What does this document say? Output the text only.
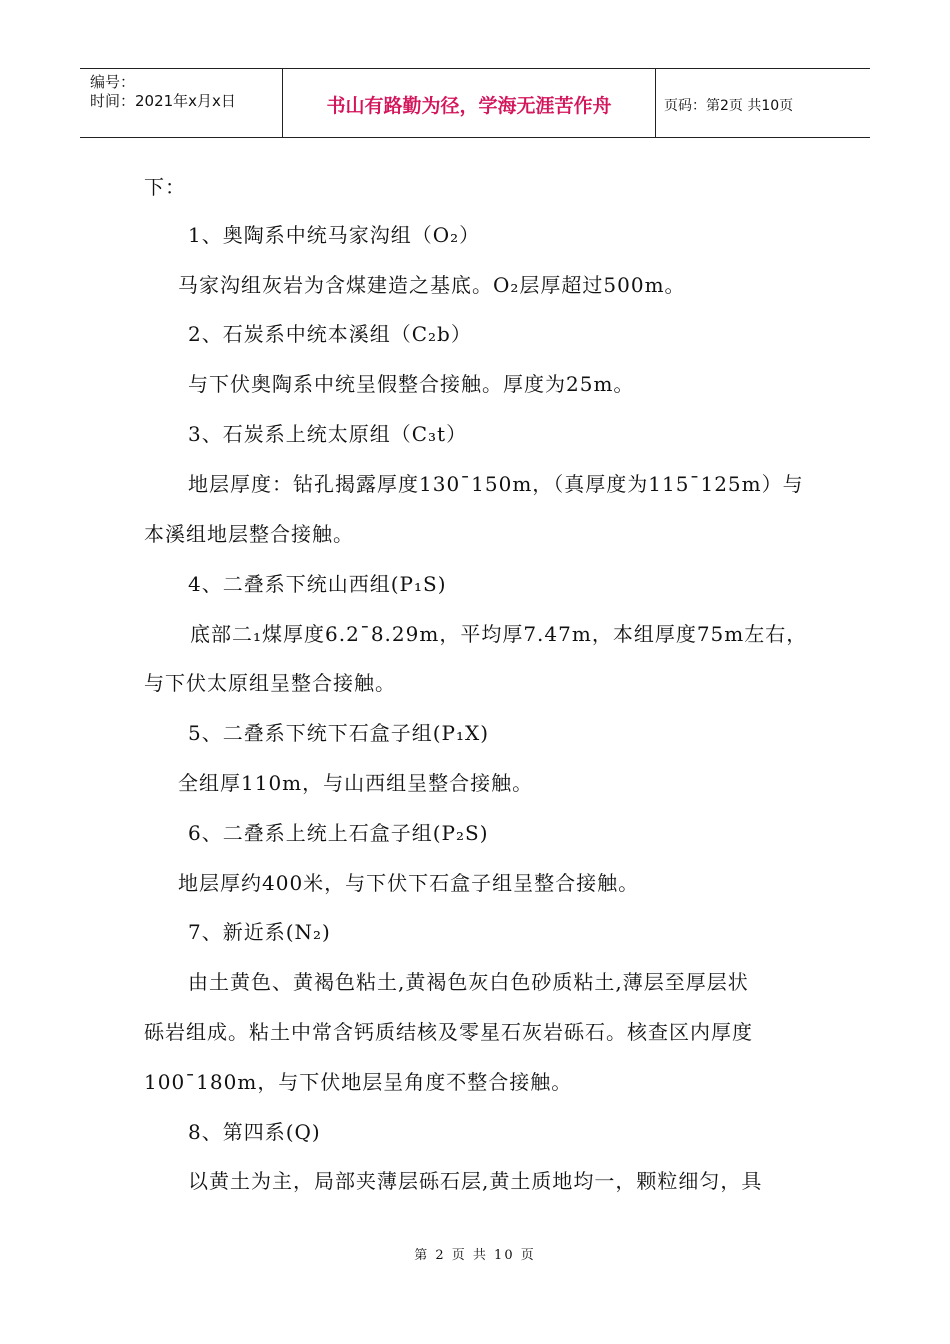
编号：
时间：2021年x月x日	书山有路勤为径，学海无涯苦作舟	页码：第2页 共10页
下：
1、奥陶系中统马家沟组（O₂）
马家沟组灰岩为含煤建造之基底。O₂层厚超过500m。
2、石炭系中统本溪组（C₂b）
与下伏奥陶系中统呈假整合接触。厚度为25m。
3、石炭系上统太原组（C₃t）
地层厚度：钻孔揭露厚度130¯150m，（真厚度为115¯125m）与
本溪组地层整合接触。
4、二叠系下统山西组(P₁S)
底部二₁煤厚度6.2¯8.29m，平均厚7.47m，本组厚度75m左右，
与下伏太原组呈整合接触。
5、二叠系下统下石盒子组(P₁X)
全组厚110m，与山西组呈整合接触。
6、二叠系上统上石盒子组(P₂S)
地层厚约400米，与下伏下石盒子组呈整合接触。
7、新近系(N₂)
由土黄色、黄褐色粘土,黄褐色灰白色砂质粘土,薄层至厚层状
砾岩组成。粘土中常含钙质结核及零星石灰岩砾石。核查区内厚度
100¯180m，与下伏地层呈角度不整合接触。
8、第四系(Q)
以黄土为主，局部夹薄层砾石层,黄土质地均一，颗粒细匀，具
第 2 页 共 10 页
